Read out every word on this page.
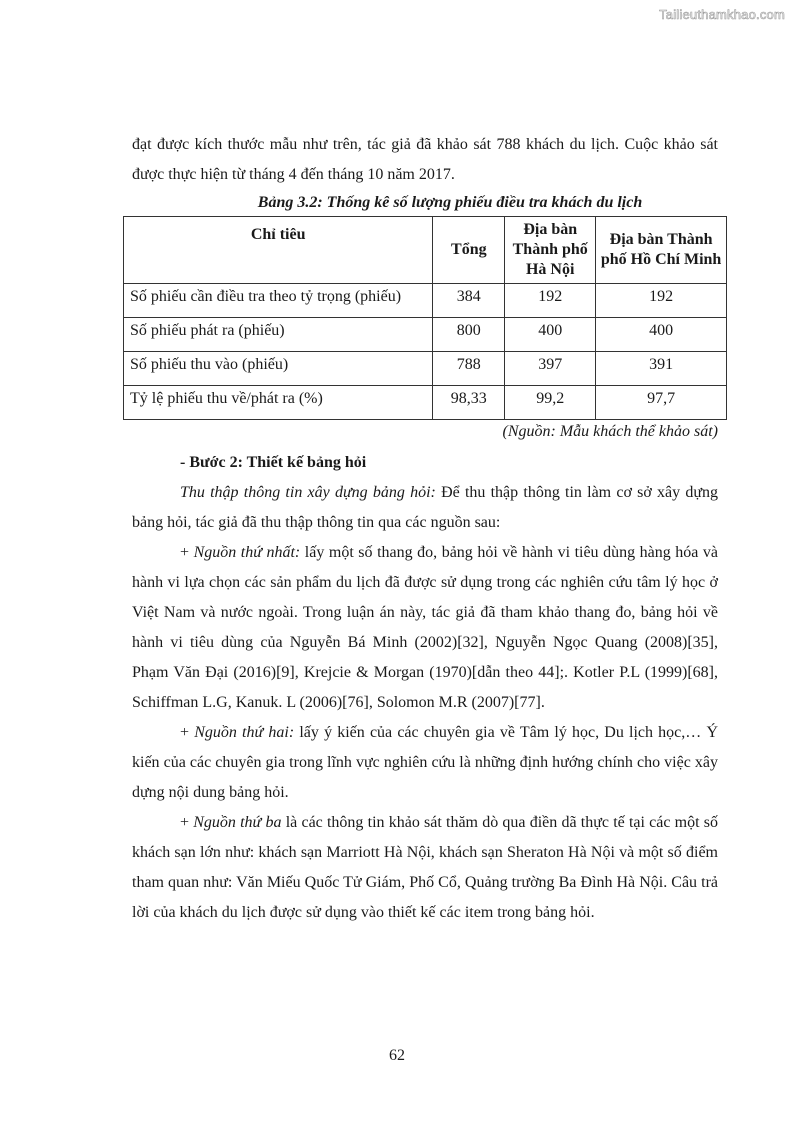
Tailieuthamkhao.com

đạt được kích thước mẫu như trên, tác giả đã khảo sát 788 khách du lịch. Cuộc khảo sát được thực hiện từ tháng 4 đến tháng 10 năm 2017.

Bảng 3.2: Thống kê số lượng phiếu điều tra khách du lịch

Chỉ tiêu	Tổng	Địa bàn Thành phố Hà Nội	Địa bàn Thành phố Hồ Chí Minh
Số phiếu cần điều tra theo tỷ trọng (phiếu)	384	192	192
Số phiếu phát ra (phiếu)	800	400	400
Số phiếu thu vào (phiếu)	788	397	391
Tỷ lệ phiếu thu về/phát ra (%)	98,33	99,2	97,7

(Nguồn: Mẫu khách thể khảo sát)

- Bước 2: Thiết kế bảng hỏi

Thu thập thông tin xây dựng bảng hỏi: Để thu thập thông tin làm cơ sở xây dựng bảng hỏi, tác giả đã thu thập thông tin qua các nguồn sau:

+ Nguồn thứ nhất: lấy một số thang đo, bảng hỏi về hành vi tiêu dùng hàng hóa và hành vi lựa chọn các sản phẩm du lịch đã được sử dụng trong các nghiên cứu tâm lý học ở Việt Nam và nước ngoài. Trong luận án này, tác giả đã tham khảo thang đo, bảng hỏi về hành vi tiêu dùng của Nguyễn Bá Minh (2002)[32], Nguyễn Ngọc Quang (2008)[35], Phạm Văn Đại (2016)[9], Krejcie & Morgan (1970)[dẫn theo 44];. Kotler P.L (1999)[68], Schiffman L.G, Kanuk. L (2006)[76], Solomon M.R (2007)[77].

+ Nguồn thứ hai: lấy ý kiến của các chuyên gia về Tâm lý học, Du lịch học,… Ý kiến của các chuyên gia trong lĩnh vực nghiên cứu là những định hướng chính cho việc xây dựng nội dung bảng hỏi.

+ Nguồn thứ ba là các thông tin khảo sát thăm dò qua điền dã thực tế tại các một số khách sạn lớn như: khách sạn Marriott Hà Nội, khách sạn Sheraton Hà Nội và một số điểm tham quan như: Văn Miếu Quốc Tử Giám, Phố Cổ, Quảng trường Ba Đình Hà Nội. Câu trả lời của khách du lịch được sử dụng vào thiết kế các item trong bảng hỏi.

62
